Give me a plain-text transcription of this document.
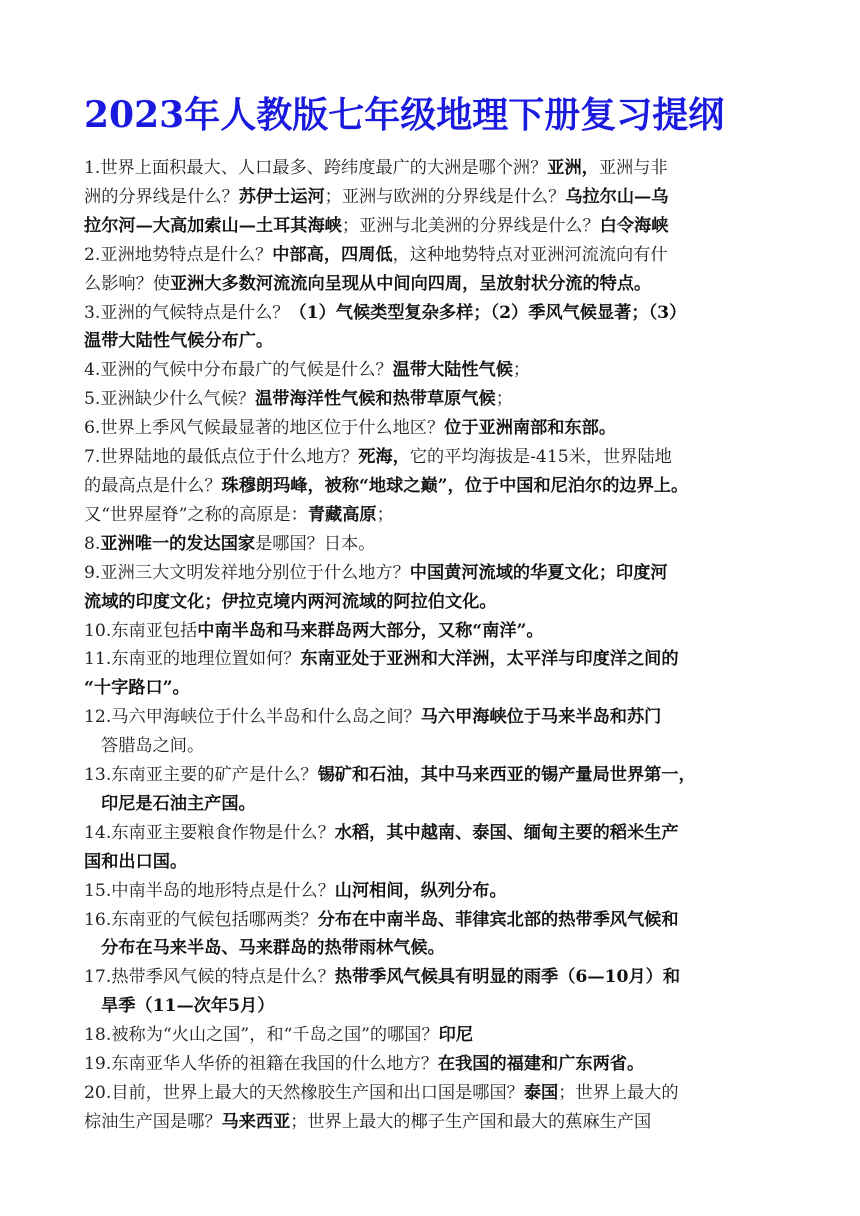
2023年人教版七年级地理下册复习提纲
1.世界上面积最大、人口最多、跨纬度最广的大洲是哪个洲？亚洲，亚洲与非
洲的分界线是什么？苏伊士运河；亚洲与欧洲的分界线是什么？乌拉尔山—乌
拉尔河—大高加索山—土耳其海峡；亚洲与北美洲的分界线是什么？白令海峡
2.亚洲地势特点是什么？中部高，四周低，这种地势特点对亚洲河流流向有什
么影响？使亚洲大多数河流流向呈现从中间向四周，呈放射状分流的特点。
3.亚洲的气候特点是什么？（1）气候类型复杂多样；（2）季风气候显著；（3）
温带大陆性气候分布广。
4.亚洲的气候中分布最广的气候是什么？温带大陆性气候；
5.亚洲缺少什么气候？温带海洋性气候和热带草原气候；
6.世界上季风气候最显著的地区位于什么地区？位于亚洲南部和东部。
7.世界陆地的最低点位于什么地方？死海，它的平均海拔是-415米，世界陆地
的最高点是什么？珠穆朗玛峰，被称“地球之巅”，位于中国和尼泊尔的边界上。
又“世界屋脊”之称的高原是：青藏高原；
8.亚洲唯一的发达国家是哪国？日本。
9.亚洲三大文明发祥地分别位于什么地方？中国黄河流域的华夏文化；印度河
流域的印度文化；伊拉克境内两河流域的阿拉伯文化。
10.东南亚包括中南半岛和马来群岛两大部分，又称“南洋”。
11.东南亚的地理位置如何？东南亚处于亚洲和大洋洲，太平洋与印度洋之间的
“十字路口”。
12.马六甲海峡位于什么半岛和什么岛之间？马六甲海峡位于马来半岛和苏门
答腊岛之间。
13.东南亚主要的矿产是什么？锡矿和石油，其中马来西亚的锡产量局世界第一，
印尼是石油主产国。
14.东南亚主要粮食作物是什么？水稻，其中越南、泰国、缅甸主要的稻米生产
国和出口国。
15.中南半岛的地形特点是什么？山河相间，纵列分布。
16.东南亚的气候包括哪两类？分布在中南半岛、菲律宾北部的热带季风气候和
分布在马来半岛、马来群岛的热带雨林气候。
17.热带季风气候的特点是什么？热带季风气候具有明显的雨季（6—10月）和
旱季（11—次年5月）
18.被称为“火山之国”，和“千岛之国”的哪国？印尼
19.东南亚华人华侨的祖籍在我国的什么地方？在我国的福建和广东两省。
20.目前，世界上最大的天然橡胶生产国和出口国是哪国？泰国；世界上最大的
棕油生产国是哪？马来西亚；世界上最大的椰子生产国和最大的蕉麻生产国
